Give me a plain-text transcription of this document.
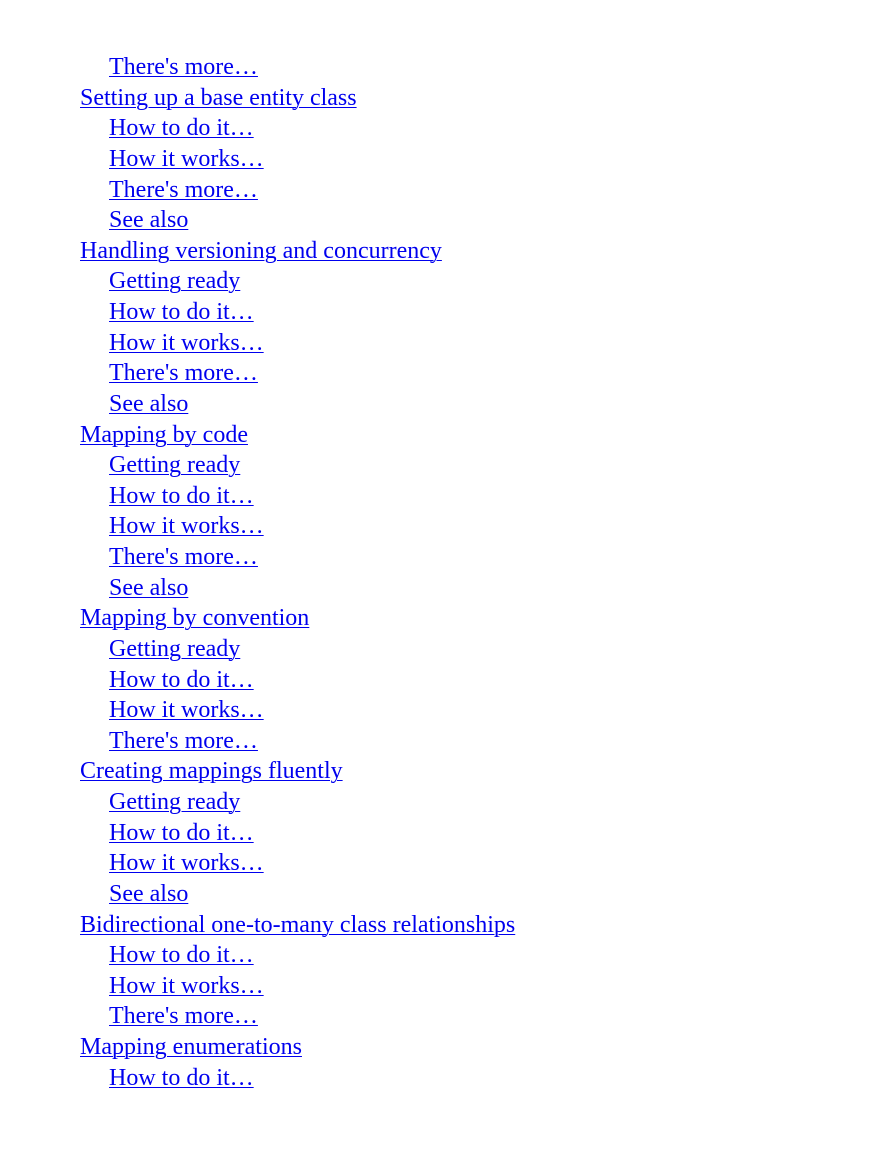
There's more…
Setting up a base entity class
How to do it…
How it works…
There's more…
See also
Handling versioning and concurrency
Getting ready
How to do it…
How it works…
There's more…
See also
Mapping by code
Getting ready
How to do it…
How it works…
There's more…
See also
Mapping by convention
Getting ready
How to do it…
How it works…
There's more…
Creating mappings fluently
Getting ready
How to do it…
How it works…
See also
Bidirectional one-to-many class relationships
How to do it…
How it works…
There's more…
Mapping enumerations
How to do it…
